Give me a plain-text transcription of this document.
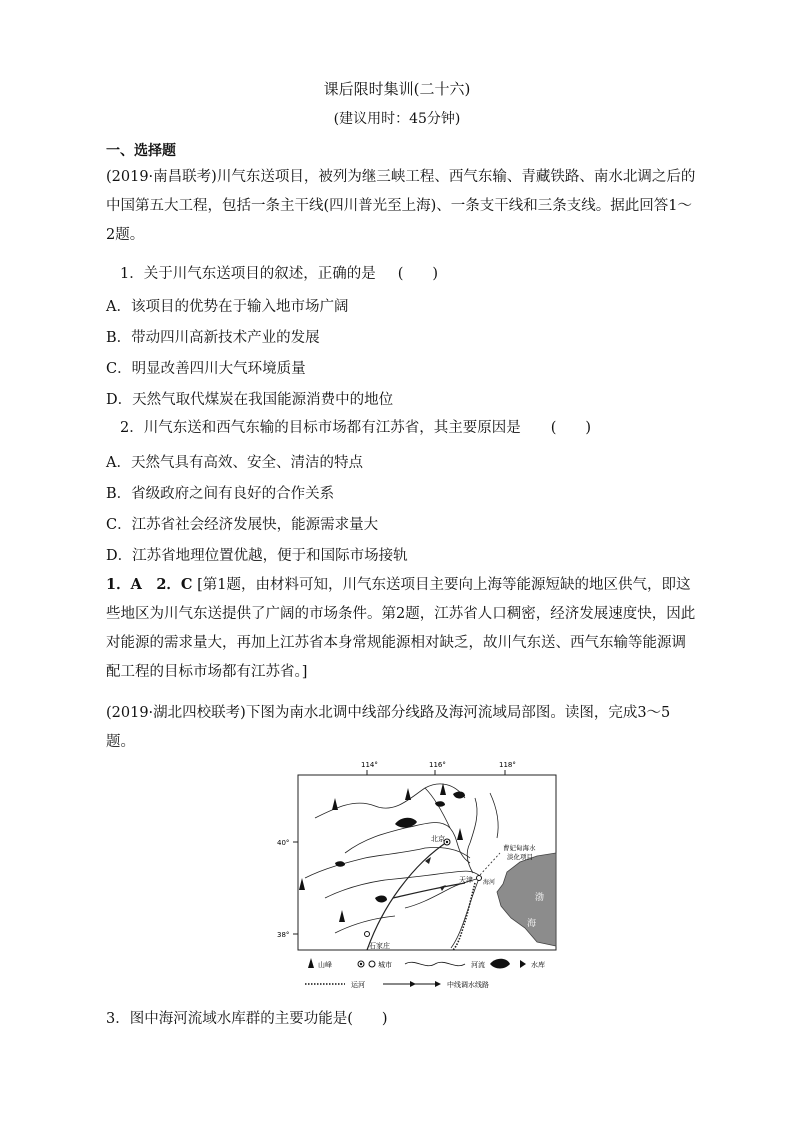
课后限时集训(二十六)
(建议用时：45分钟)
一、选择题
(2019·南昌联考)川气东送项目，被列为继三峡工程、西气东输、青藏铁路、南水北调之后的中国第五大工程，包括一条主干线(四川普光至上海)、一条支干线和三条支线。据此回答1～2题。
1．关于川气东送项目的叙述，正确的是 (　　)
A．该项目的优势在于输入地市场广阔
B．带动四川高新技术产业的发展
C．明显改善四川大气环境质量
D．天然气取代煤炭在我国能源消费中的地位
2．川气东送和西气东输的目标市场都有江苏省，其主要原因是 (　　)
A．天然气具有高效、安全、清洁的特点
B．省级政府之间有良好的合作关系
C．江苏省社会经济发展快，能源需求量大
D．江苏省地理位置优越，便于和国际市场接轨
1．A　2．C [第1题，由材料可知，川气东送项目主要向上海等能源短缺的地区供气，即这些地区为川气东送提供了广阔的市场条件。第2题，江苏省人口稠密，经济发展速度快，因此对能源的需求量大，再加上江苏省本身常规能源相对缺乏，故川气东送、西气东输等能源调配工程的目标市场都有江苏省。]
(2019·湖北四校联考)下图为南水北调中线部分线路及海河流域局部图。读图，完成3～5题。
114°	116°	118°
40°
38°
渤
海
北京
天津 海河
石家庄
曹妃甸海水
淡化项目
山峰	城市	河流	水库
运河	中线调水线路
3．图中海河流域水库群的主要功能是(　　)
